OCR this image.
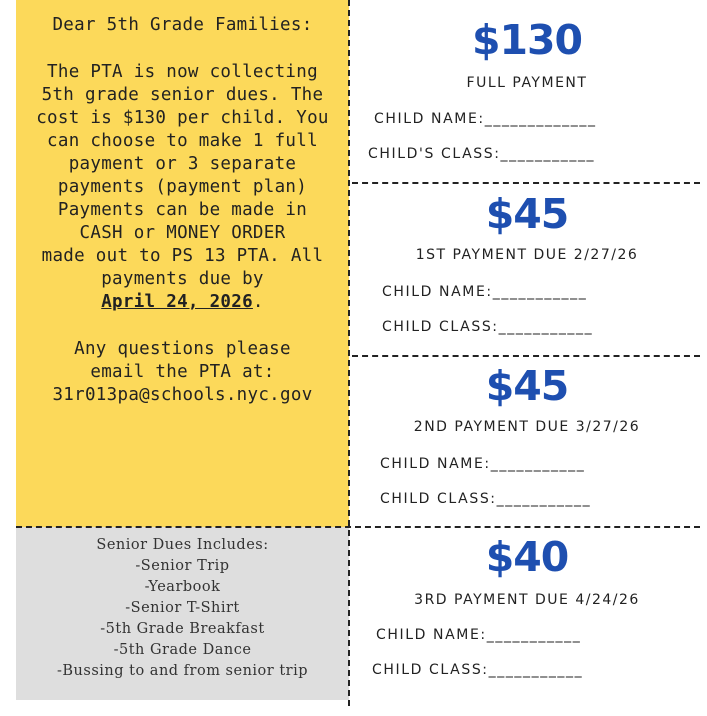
Dear 5th Grade Families:
The PTA is now collecting
5th grade senior dues. The
cost is $130 per child. You
can choose to make 1 full
payment or 3 separate
payments (payment plan)
Payments can be made in
CASH or MONEY ORDER
made out to PS 13 PTA. All
payments due by
April 24, 2026.
Any questions please
email the PTA at:
31r013pa@schools.nyc.gov
Senior Dues Includes:
-Senior Trip
-Yearbook
-Senior T-Shirt
-5th Grade Breakfast
-5th Grade Dance
-Bussing to and from senior trip
$130
FULL PAYMENT
CHILD NAME:_____________
CHILD'S CLASS:___________
$45
1ST PAYMENT DUE 2/27/26
CHILD NAME:___________
CHILD CLASS:___________
$45
2ND PAYMENT DUE 3/27/26
CHILD NAME:___________
CHILD CLASS:___________
$40
3RD PAYMENT DUE 4/24/26
CHILD NAME:___________
CHILD CLASS:___________
